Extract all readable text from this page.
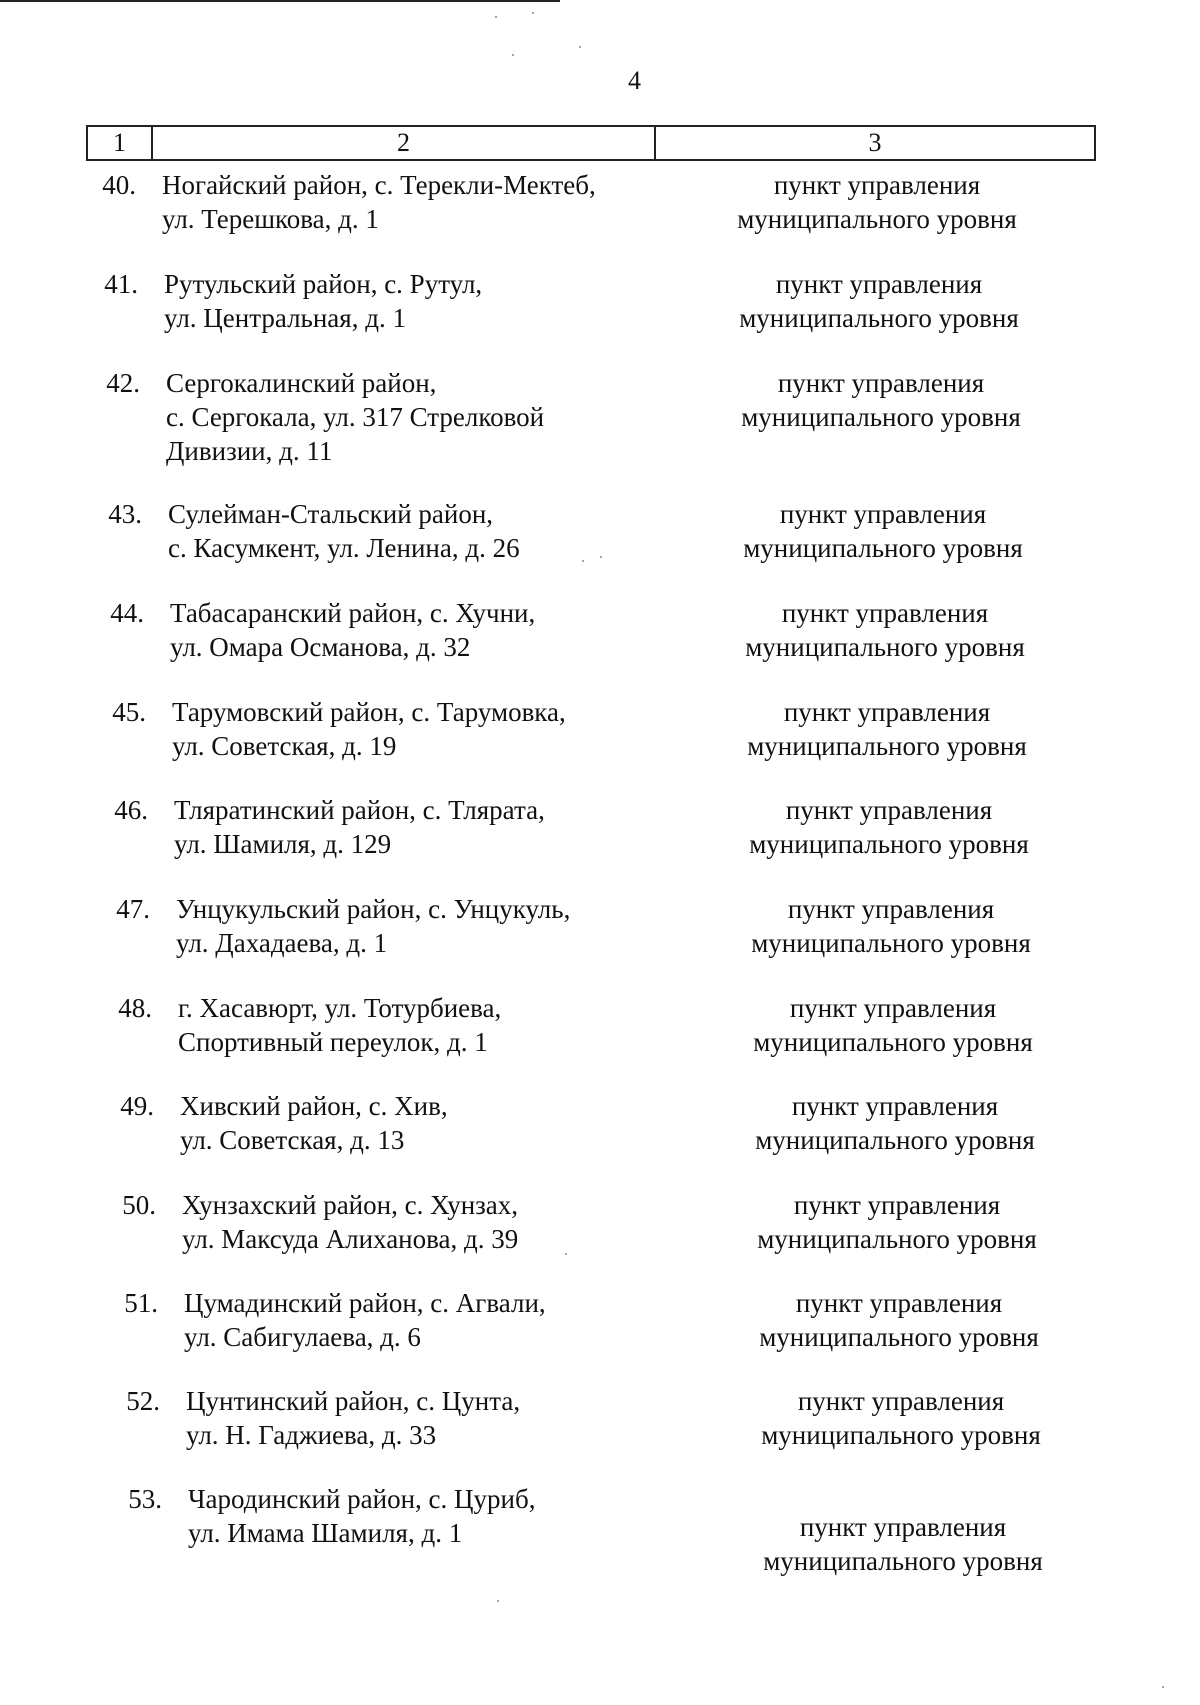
4
1	2	3
40. Ногайский район, с. Терекли-Мектеб,
ул. Терешкова, д. 1
пункт управления
муниципального уровня
41. Рутульский район, с. Рутул,
ул. Центральная, д. 1
пункт управления
муниципального уровня
42. Сергокалинский район,
с. Сергокала, ул. 317 Стрелковой
Дивизии, д. 11
пункт управления
муниципального уровня
43. Сулейман-Стальский район,
с. Касумкент, ул. Ленина, д. 26
пункт управления
муниципального уровня
44. Табасаранский район, с. Хучни,
ул. Омара Османова, д. 32
пункт управления
муниципального уровня
45. Тарумовский район, с. Тарумовка,
ул. Советская, д. 19
пункт управления
муниципального уровня
46. Тляратинский район, с. Тлярата,
ул. Шамиля, д. 129
пункт управления
муниципального уровня
47. Унцукульский район, с. Унцукуль,
ул. Дахадаева, д. 1
пункт управления
муниципального уровня
48. г. Хасавюрт, ул. Тотурбиева,
Спортивный переулок, д. 1
пункт управления
муниципального уровня
49. Хивский район, с. Хив,
ул. Советская, д. 13
пункт управления
муниципального уровня
50. Хунзахский район, с. Хунзах,
ул. Максуда Алиханова, д. 39
пункт управления
муниципального уровня
51. Цумадинский район, с. Агвали,
ул. Сабигулаева, д. 6
пункт управления
муниципального уровня
52. Цунтинский район, с. Цунта,
ул. Н. Гаджиева, д. 33
пункт управления
муниципального уровня
53. Чародинский район, с. Цуриб,
ул. Имама Шамиля, д. 1	пункт управления
муниципального уровня
